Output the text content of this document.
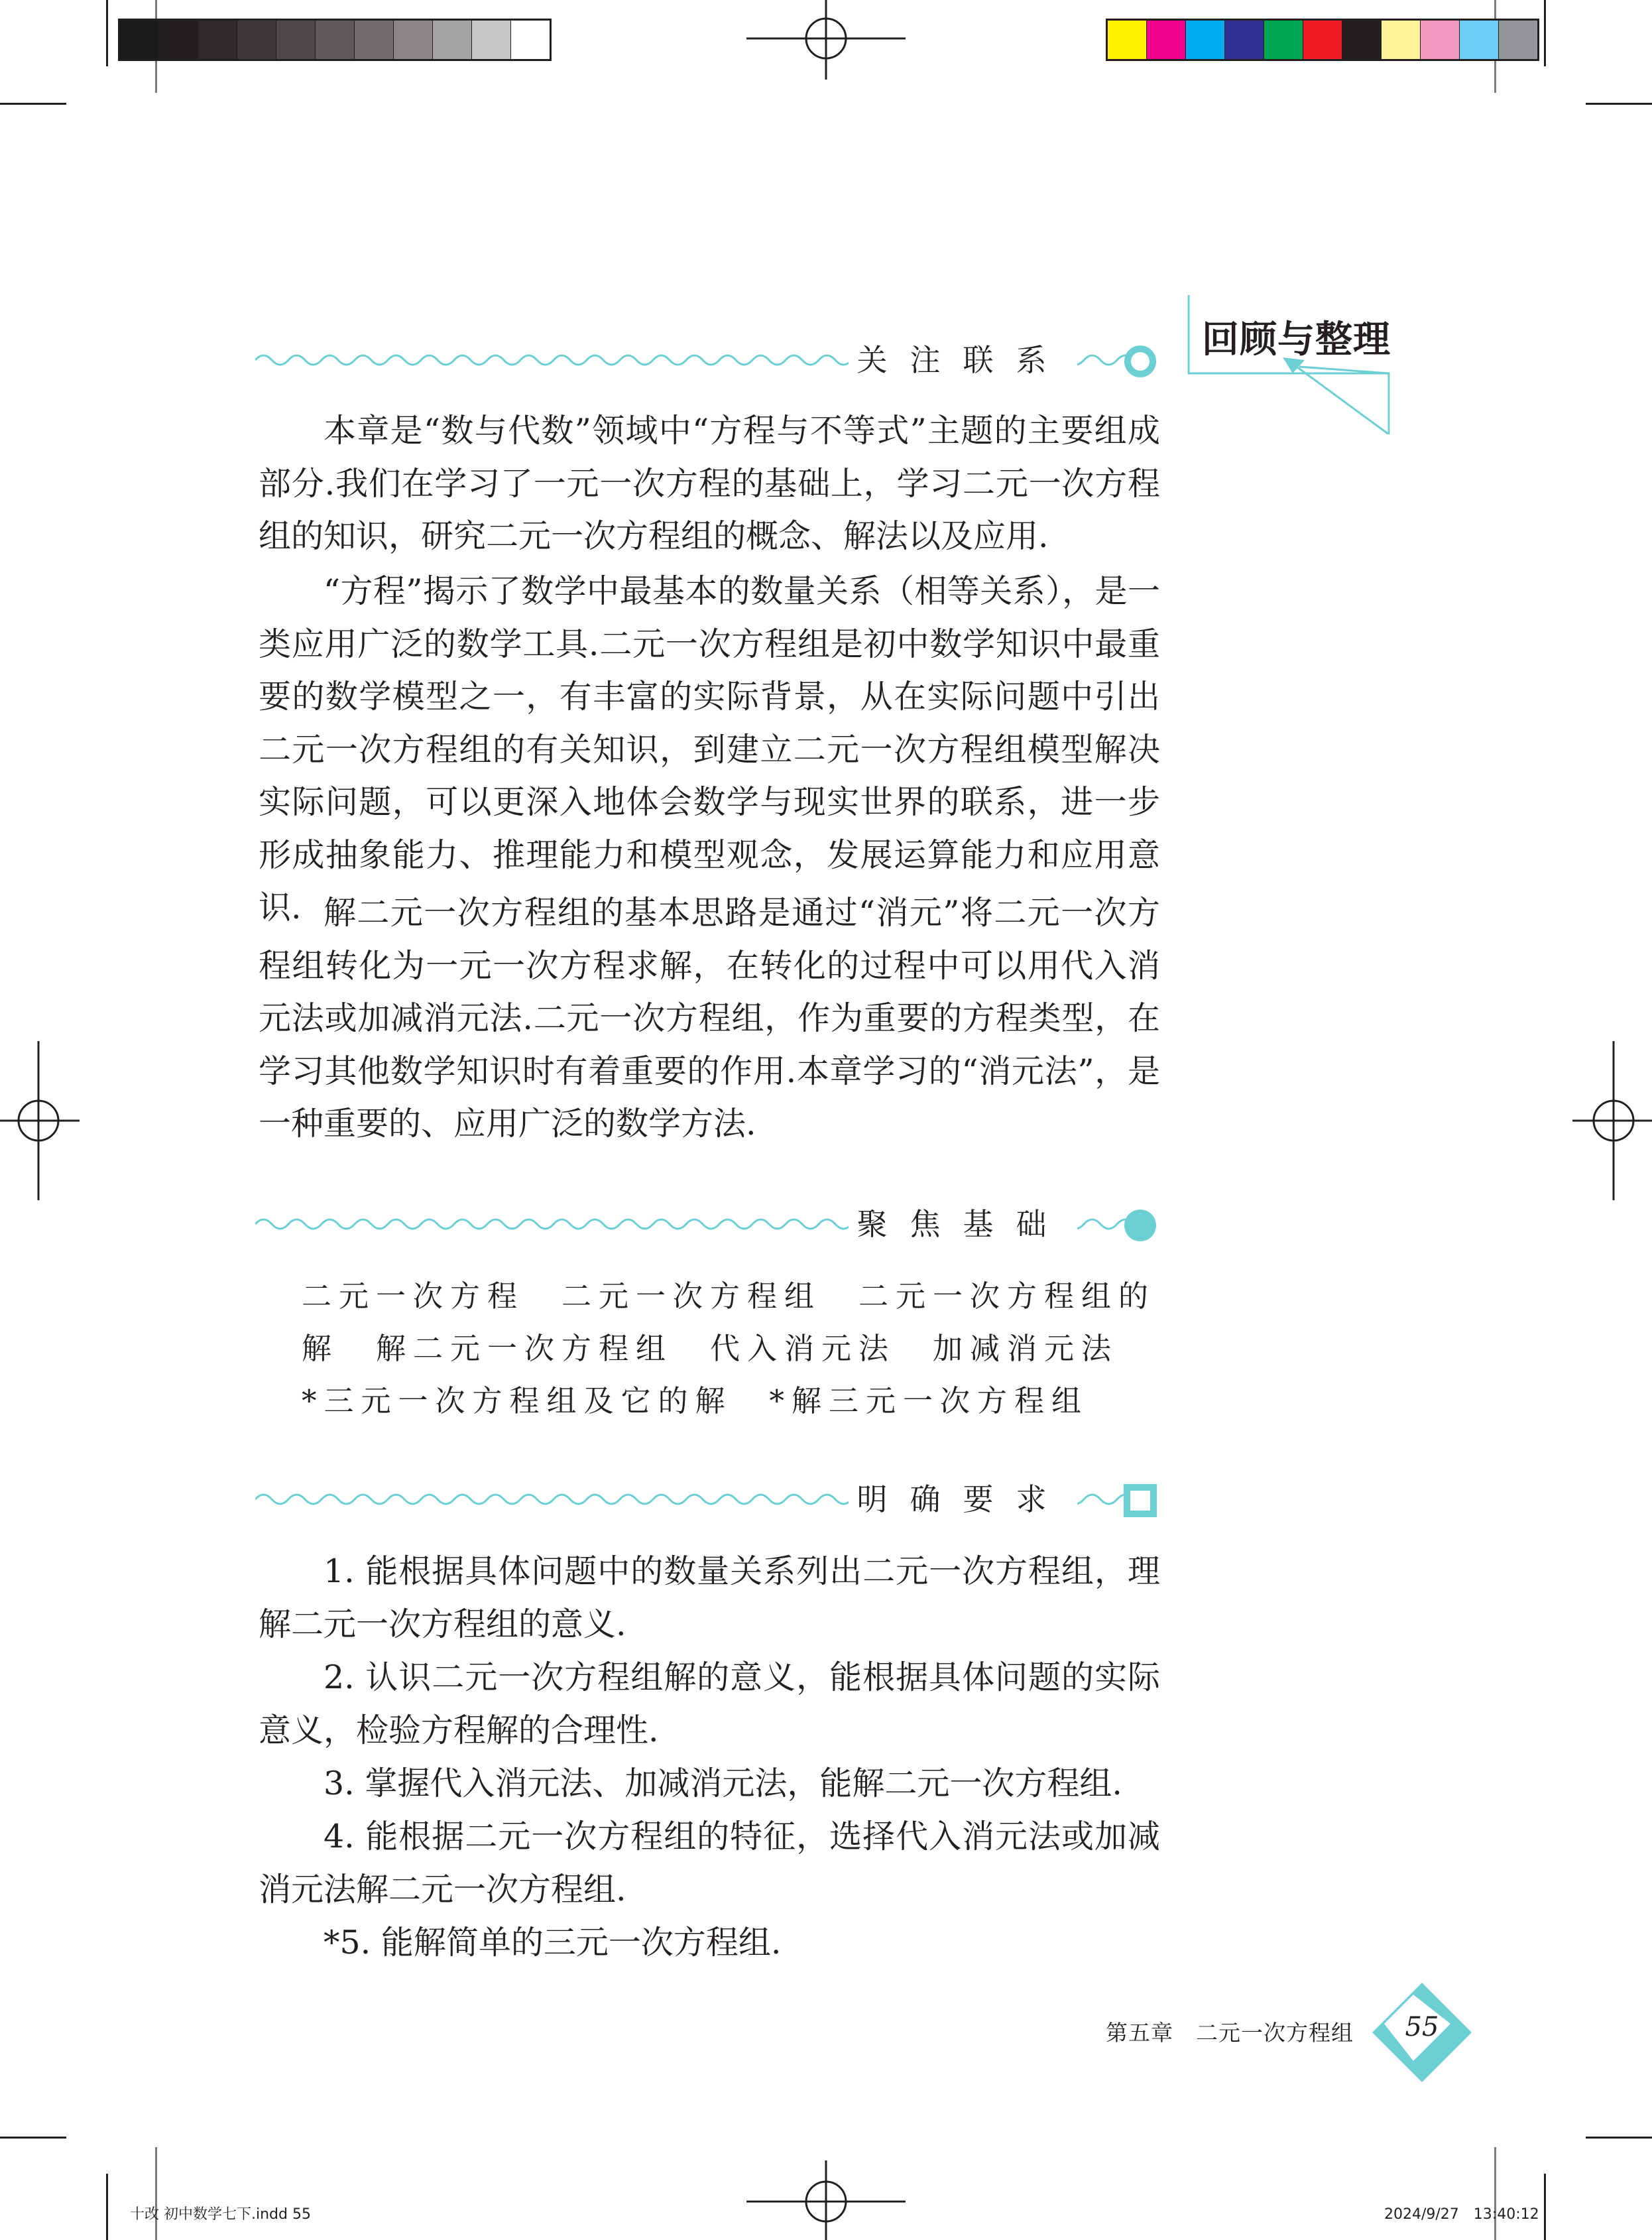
回顾与整理
关注联系

本章是“数与代数”领域中“方程与不等式”主题的主要组成部分.我们在学习了一元一次方程的基础上，学习二元一次方程组的知识，研究二元一次方程组的概念、解法以及应用.

“方程”揭示了数学中最基本的数量关系（相等关系），是一类应用广泛的数学工具.二元一次方程组是初中数学知识中最重要的数学模型之一，有丰富的实际背景，从在实际问题中引出二元一次方程组的有关知识，到建立二元一次方程组模型解决实际问题，可以更深入地体会数学与现实世界的联系，进一步形成抽象能力、推理能力和模型观念，发展运算能力和应用意识. 解二元一次方程组的基本思路是通过“消元”将二元一次方程组转化为一元一次方程求解，在转化的过程中可以用代入消元法或加减消元法.二元一次方程组，作为重要的方程类型，在学习其他数学知识时有着重要的作用.本章学习的“消元法”，是一种重要的、应用广泛的数学方法.

聚焦基础

二元一次方程　二元一次方程组　二元一次方程组的解　解二元一次方程组　代入消元法　加减消元法　*三元一次方程组及它的解　*解三元一次方程组

明确要求
1. 能根据具体问题中的数量关系列出二元一次方程组，理解二元一次方程组的意义.
2. 认识二元一次方程组解的意义，能根据具体问题的实际意义，检验方程解的合理性.
3. 掌握代入消元法、加减消元法，能解二元一次方程组.
4. 能根据二元一次方程组的特征，选择代入消元法或加减消元法解二元一次方程组.
*5. 能解简单的三元一次方程组.
第五章　二元一次方程组	55
十改 初中数学七下.indd 55	2024/9/27　13:40:12
